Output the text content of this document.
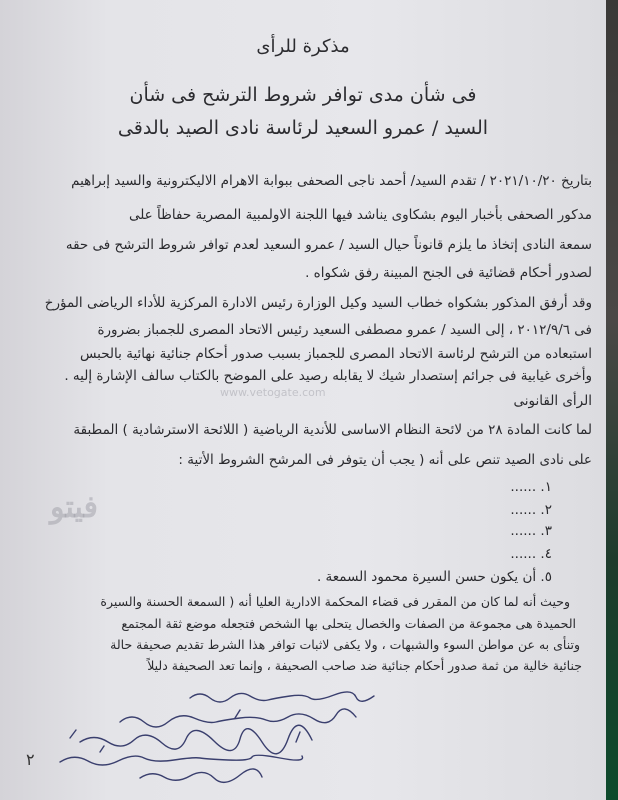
مذكرة للرأى
فى شأن مدى توافر شروط الترشح فى شأن
السيد / عمرو السعيد لرئاسة نادى الصيد بالدقى
بتاريخ ٢٠٢١/١٠/٢٠ / تقدم السيد/ أحمد ناجى الصحفى ببوابة الاهرام الاليكترونية والسيد إبراهيم
مدكور الصحفى بأخبار اليوم بشكاوى يناشد فيها اللجنة الاولمبية المصرية حفاظاً على
سمعة النادى إتخاذ ما يلزم قانوناً حيال السيد / عمرو السعيد لعدم توافر شروط الترشح فى حقه
لصدور أحكام قضائية فى الجنح المبينة رفق شكواه .
وقد أرفق المذكور بشكواه خطاب السيد وكيل الوزارة رئيس الادارة المركزية للأداء الرياضى المؤرخ
فى ٢٠١٢/٩/٦ ، إلى السيد / عمرو مصطفى السعيد رئيس الاتحاد المصرى للجمباز بضرورة
استبعاده من الترشح لرئاسة الاتحاد المصرى للجمباز بسبب صدور أحكام جنائية نهائية بالحبس
وأخرى غيابية فى جرائم إستصدار شيك لا يقابله رصيد على الموضح بالكتاب سالف الإشارة إليه .
الرأى القانونى
لما كانت المادة ٢٨ من لائحة النظام الاساسى للأندية الرياضية ( اللائحة الاسترشادية ) المطبقة
على نادى الصيد تنص على أنه ( يجب أن يتوفر فى المرشح الشروط الأتية :
١. ......
٢. ......
٣. ......
٤. ......
٥. أن يكون حسن السيرة محمود السمعة .
وحيث أنه لما كان من المقرر فى قضاء المحكمة الادارية العليا أنه ( السمعة الحسنة والسيرة
الحميدة هى مجموعة من الصفات والخصال يتحلى بها الشخص فتجعله موضع ثقة المجتمع
وتنأى به عن مواطن السوء والشبهات ، ولا يكفى لاثبات توافر هذا الشرط تقديم صحيفة حالة
جنائية خالية من ثمة صدور أحكام جنائية ضد صاحب الصحيفة ، وإنما تعد الصحيفة دليلاً
فيتو
www.vetogate.com
٢
